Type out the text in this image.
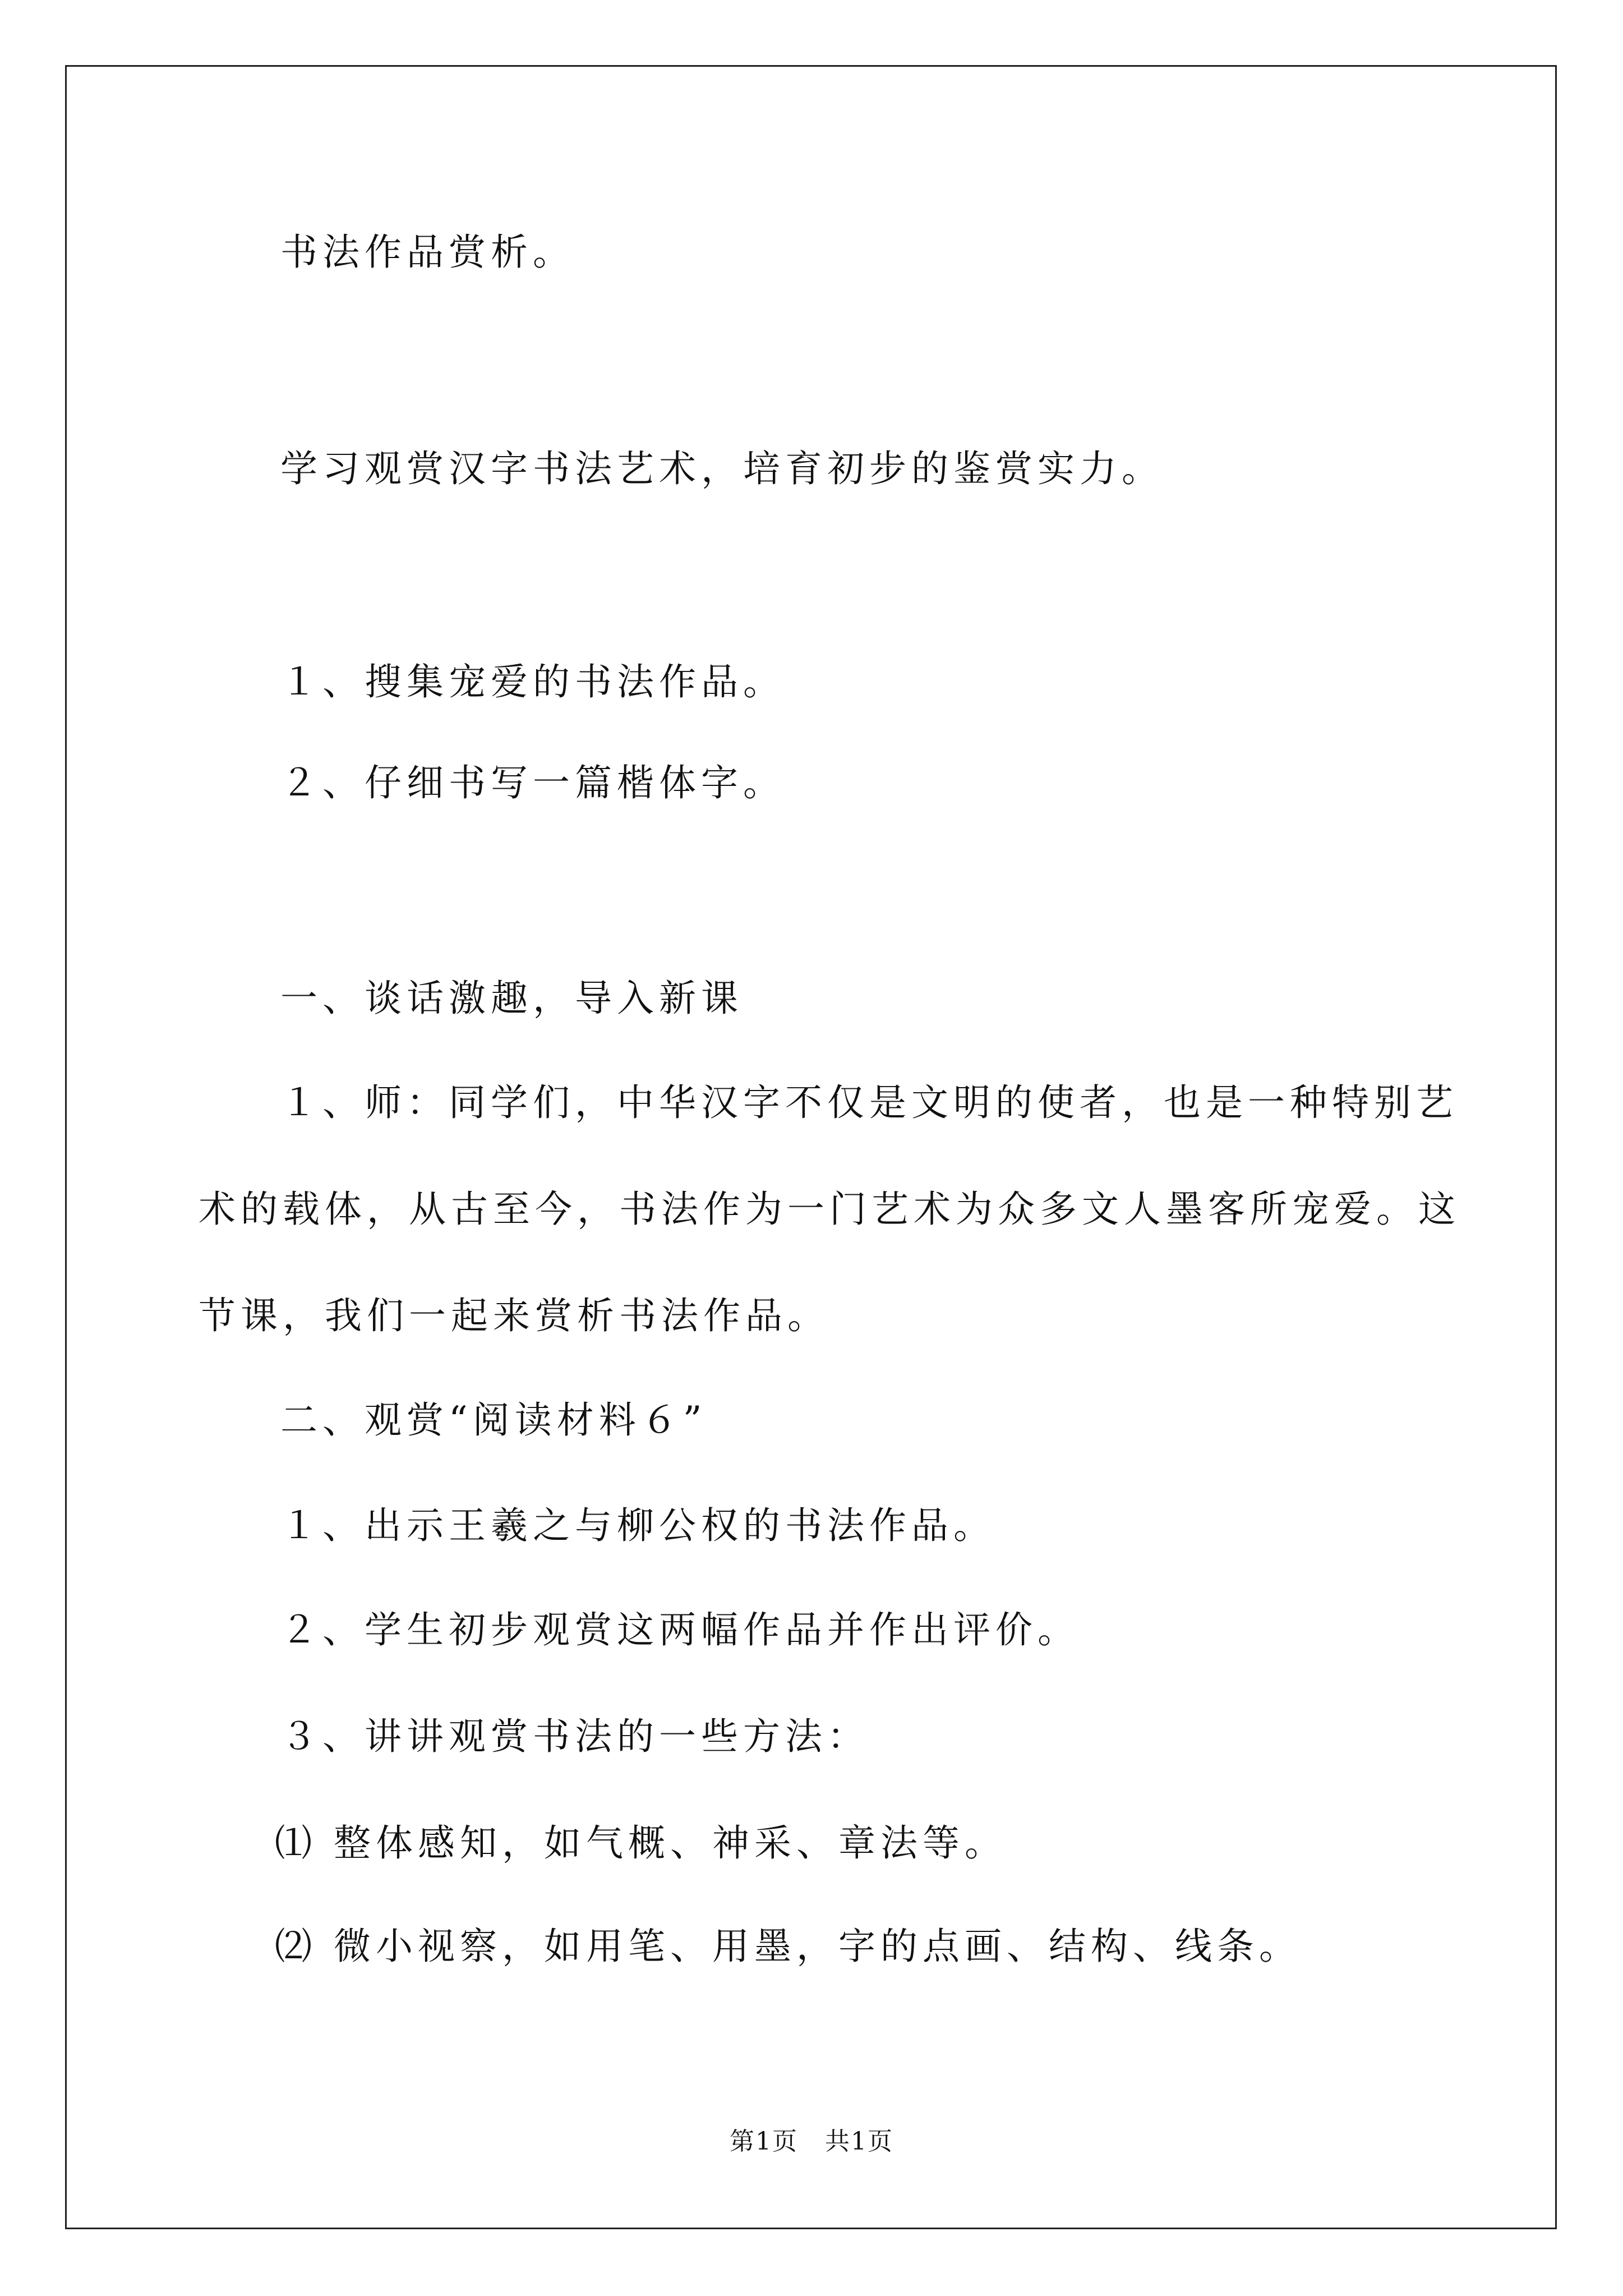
书法作品赏析。
学习观赏汉字书法艺术，培育初步的鉴赏实力。
１、搜集宠爱的书法作品。
２、仔细书写一篇楷体字。
一、谈话激趣，导入新课
１、师：同学们，中华汉字不仅是文明的使者，也是一种特别艺
术的载体，从古至今，书法作为一门艺术为众多文人墨客所宠爱。这
节课，我们一起来赏析书法作品。
二、观赏“阅读材料６”
１、出示王羲之与柳公权的书法作品。
２、学生初步观赏这两幅作品并作出评价。
３、讲讲观赏书法的一些方法：
⑴ 整体感知，如气概、神采、章法等。
⑵ 微小视察，如用笔、用墨，字的点画、结构、线条。
第1页   共1页
